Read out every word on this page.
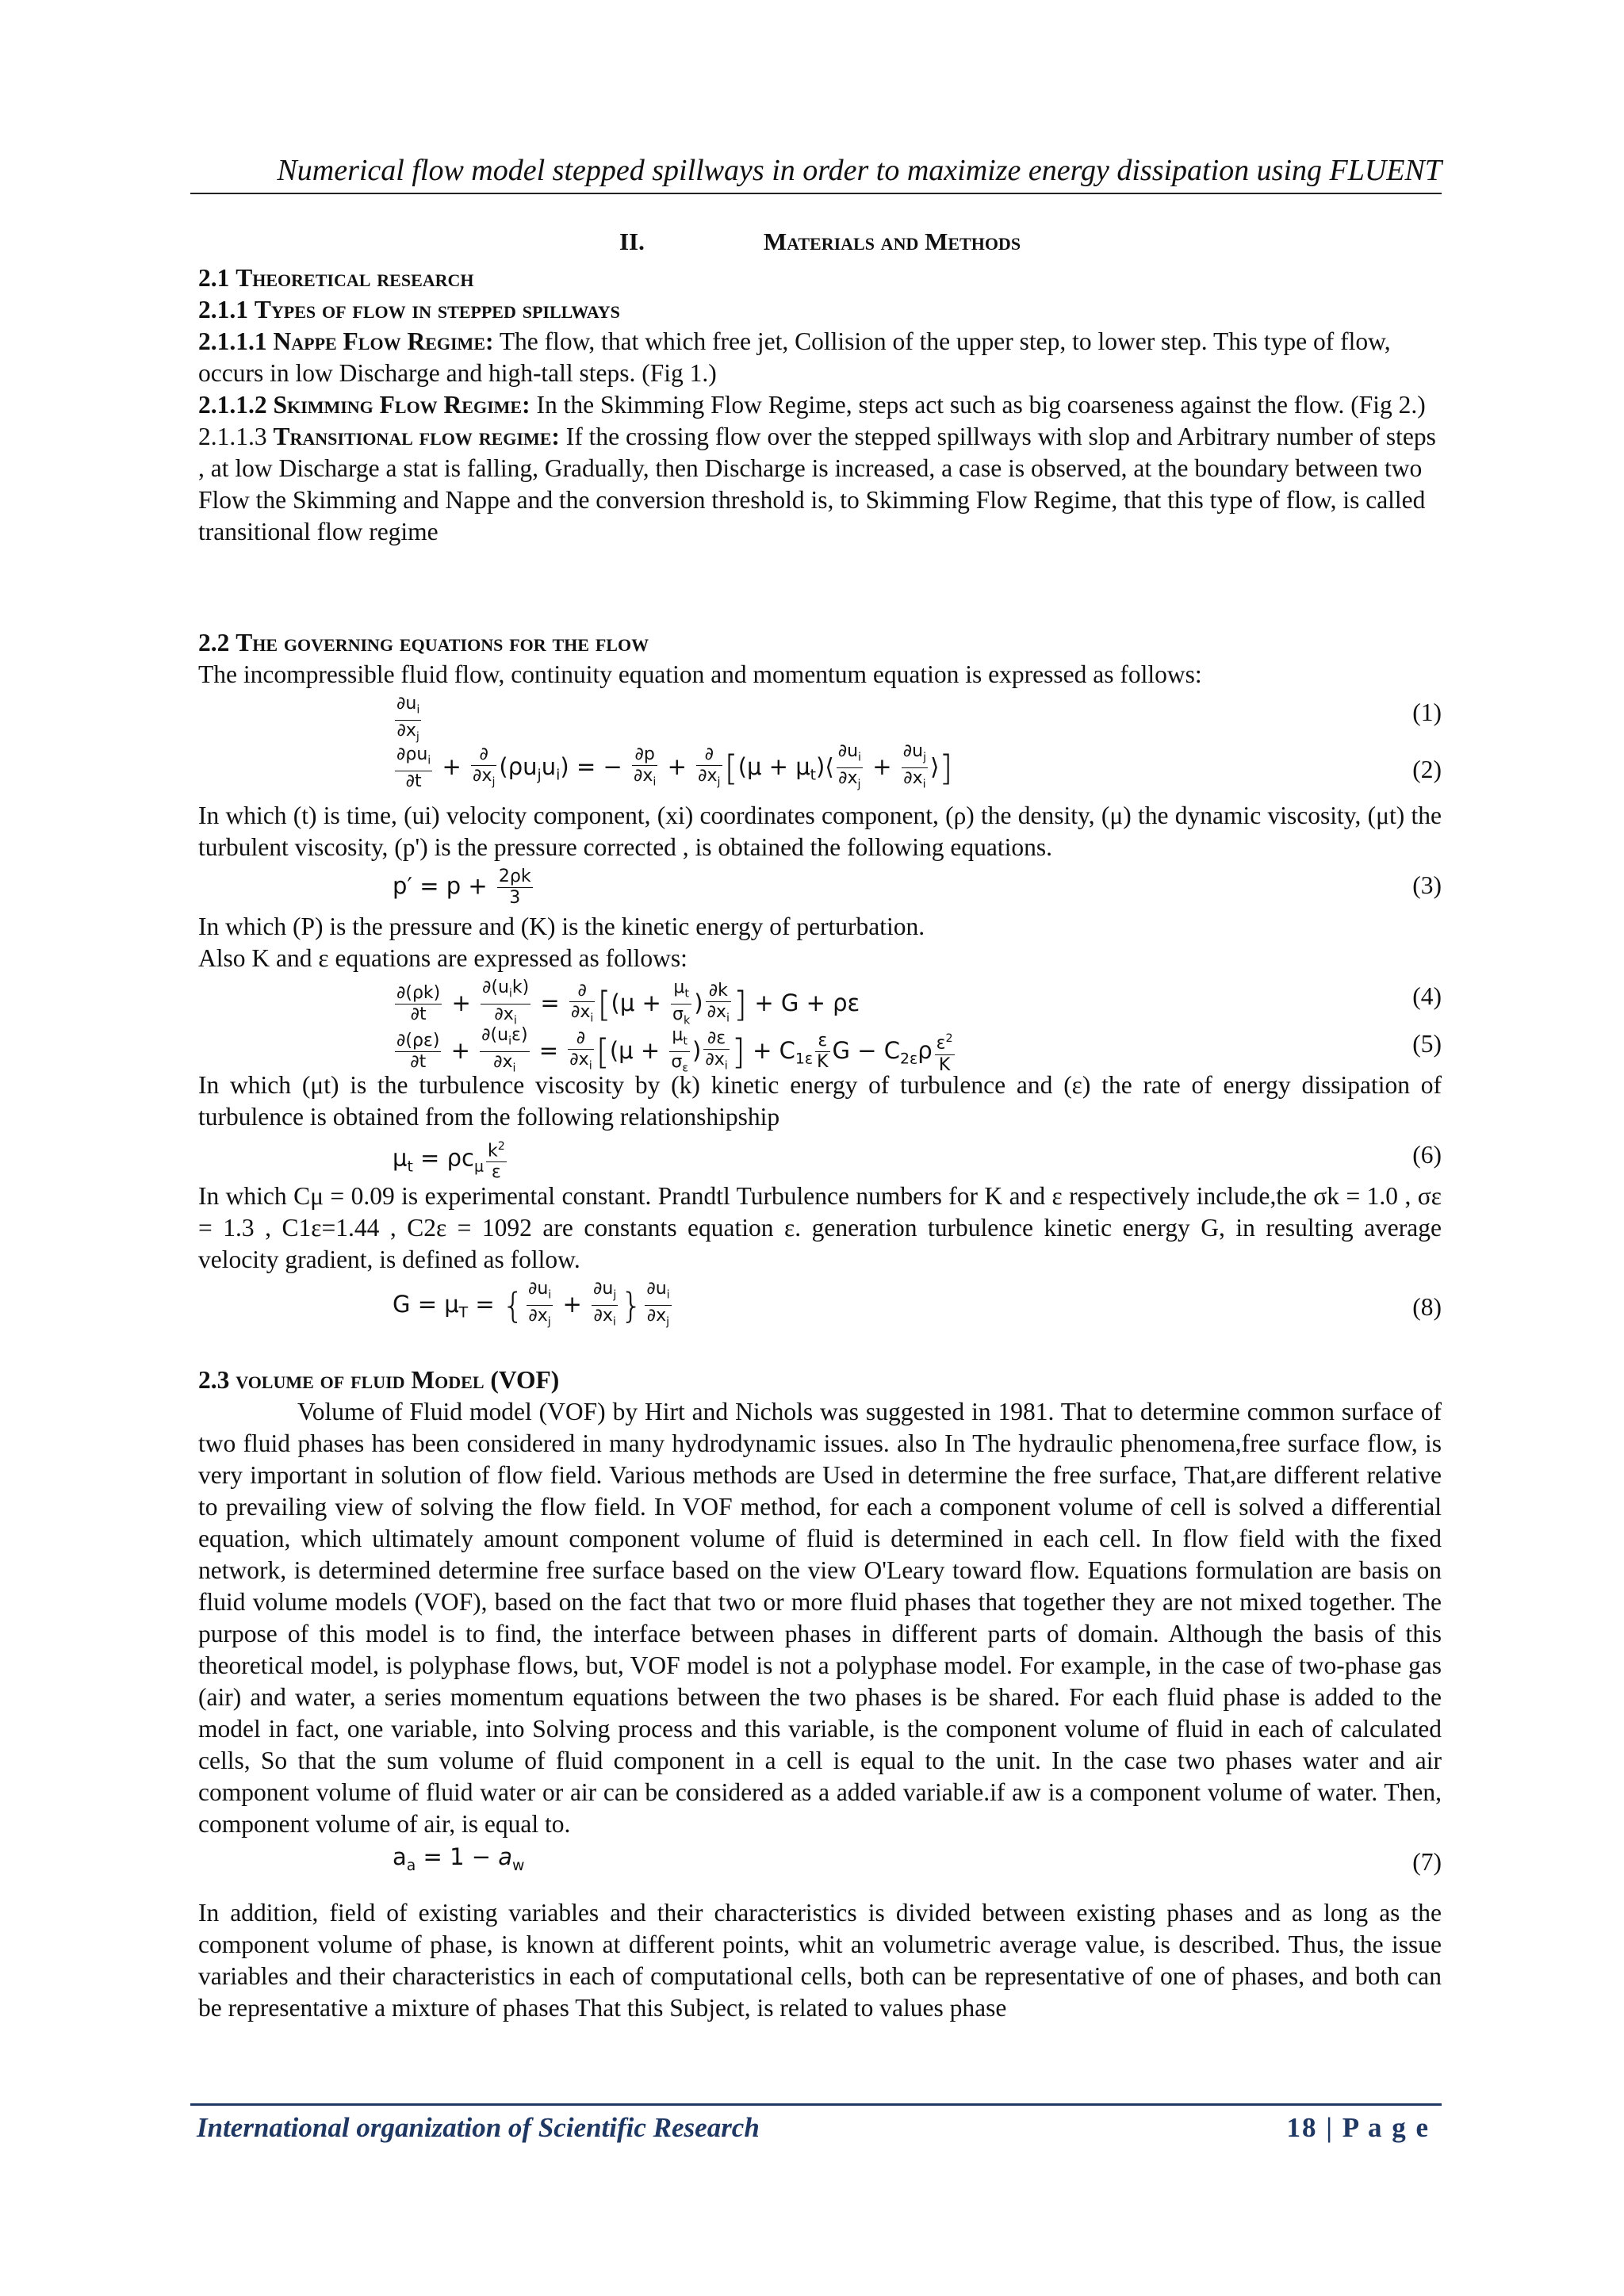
Numerical flow model stepped spillways in order to maximize energy dissipation using FLUENT

II.	Materials and Methods

2.1 Theoretical research

2.1.1 Types of flow in stepped spillways

2.1.1.1 Nappe Flow Regime: The flow, that which free jet, Collision of the upper step, to lower step. This type of flow, occurs in low Discharge and high-tall steps. (Fig 1.)

2.1.1.2 Skimming Flow Regime: In the Skimming Flow Regime, steps act such as big coarseness against the flow. (Fig 2.)

2.1.1.3 Transitional flow regime: If the crossing flow over the stepped spillways with slop and Arbitrary number of steps , at low Discharge a stat is falling, Gradually, then Discharge is increased, a case is observed, at the boundary between two Flow the Skimming and Nappe and the conversion threshold is, to Skimming Flow Regime, that this type of flow, is called transitional flow regime

2.2 The governing equations for the flow

The incompressible fluid flow, continuity equation and momentum equation is expressed as follows:

$\frac{\partial u_i}{\partial x_j}$	(1)
$\frac{\partial\rho u_i}{\partial t} + \frac{\partial}{\partial x_j} (\rho u_ju_i)$ = − $\frac{\partial p}{\partial x_i} + \frac{\partial}{\partial x_j} [(\mu$ + $\mu_t)⟨ \frac{\partial u_i}{\partial x_j} + \frac{\partial u_j}{\partial x_i}$ ⟩]	(2)

In which (t) is time, (ui) velocity component, (xi) coordinates component, (ρ) the density, (μ) the dynamic viscosity, (μt) the turbulent viscosity, (p') is the pressure corrected , is obtained the following equations.

$p' = p + \frac{2\rho k}{3}$	(3)

In which (P) is the pressure and (K) is the kinetic energy of perturbation.

Also K and ε equations are expressed as follows:

$\frac{\partial(\rho k)}{\partial t} + \frac{\partial(u_ik)}{\partial x_i} = \frac{\partial}{\partial x_i} [(\mu + \frac{\mu_t}{\sigma_k}$ ) $\frac{\partial k}{\partial x_i}$ ] + G + ρε	(4)
$\frac{\partial(\rho\varepsilon)}{\partial t} + \frac{\partial(u_i\varepsilon)}{\partial x_i} = \frac{\partial}{\partial x_i} [(\mu + \frac{\mu_t}{\sigma_\varepsilon}$ ) $\frac{\partial\varepsilon}{\partial x_i}$ ] + $C_{1\varepsilon} \frac{\varepsilon}{K}$ $G - C_{2\varepsilon}\rho \frac{\varepsilon^2}{K}$	(5)

In which (μt) is the turbulence viscosity by (k) kinetic energy of turbulence and (ε) the rate of energy dissipation of turbulence is obtained from the following relationshipship

$\mu_t = \rho c_\mu \frac{k^2}{\varepsilon}$	(6)

In which Cμ = 0.09 is experimental constant. Prandtl Turbulence numbers for K and ε respectively include,the σk = 1.0 , σε = 1.3 , C1ε=1.44 , C2ε = 1092 are constants equation ε. generation turbulence kinetic energy G, in resulting average velocity gradient, is defined as follow.

$G = \mu_T$ = { $\frac{\partial u_i}{\partial x_j} + \frac{\partial u_j}{\partial x_i}$ } $\frac{\partial u_i}{\partial x_j}$	(8)

2.3 volume of fluid Model (VOF)

Volume of Fluid model (VOF) by Hirt and Nichols was suggested in 1981. That to determine common surface of two fluid phases has been considered in many hydrodynamic issues. also In The hydraulic phenomena,free surface flow, is very important in solution of flow field. Various methods are Used in determine the free surface, That,are different relative to prevailing view of solving the flow field. In VOF method, for each a component volume of cell is solved a differential equation, which ultimately amount component volume of fluid is determined in each cell. In flow field with the fixed network, is determined determine free surface based on the view O'Leary toward flow. Equations formulation are basis on fluid volume models (VOF), based on the fact that two or more fluid phases that together they are not mixed together. The purpose of this model is to find, the interface between phases in different parts of domain. Although the basis of this theoretical model, is polyphase flows, but, VOF model is not a polyphase model. For example, in the case of two-phase gas (air) and water, a series momentum equations between the two phases is be shared. For each fluid phase is added to the model in fact, one variable, into Solving process and this variable, is the component volume of fluid in each of calculated cells, So that the sum volume of fluid component in a cell is equal to the unit. In the case two phases water and air component volume of fluid water or air can be considered as a added variable.if aw is a component volume of water. Then, component volume of air, is equal to.

$a_a = 1 - a_w$	(7)

In addition, field of existing variables and their characteristics is divided between existing phases and as long as the component volume of phase, is known at different points, whit an volumetric average value, is described. Thus, the issue variables and their characteristics in each of computational cells, both can be representative of one of phases, and both can be representative a mixture of phases That this Subject, is related to values phase

International organization of Scientific Research	18 | P a g e
